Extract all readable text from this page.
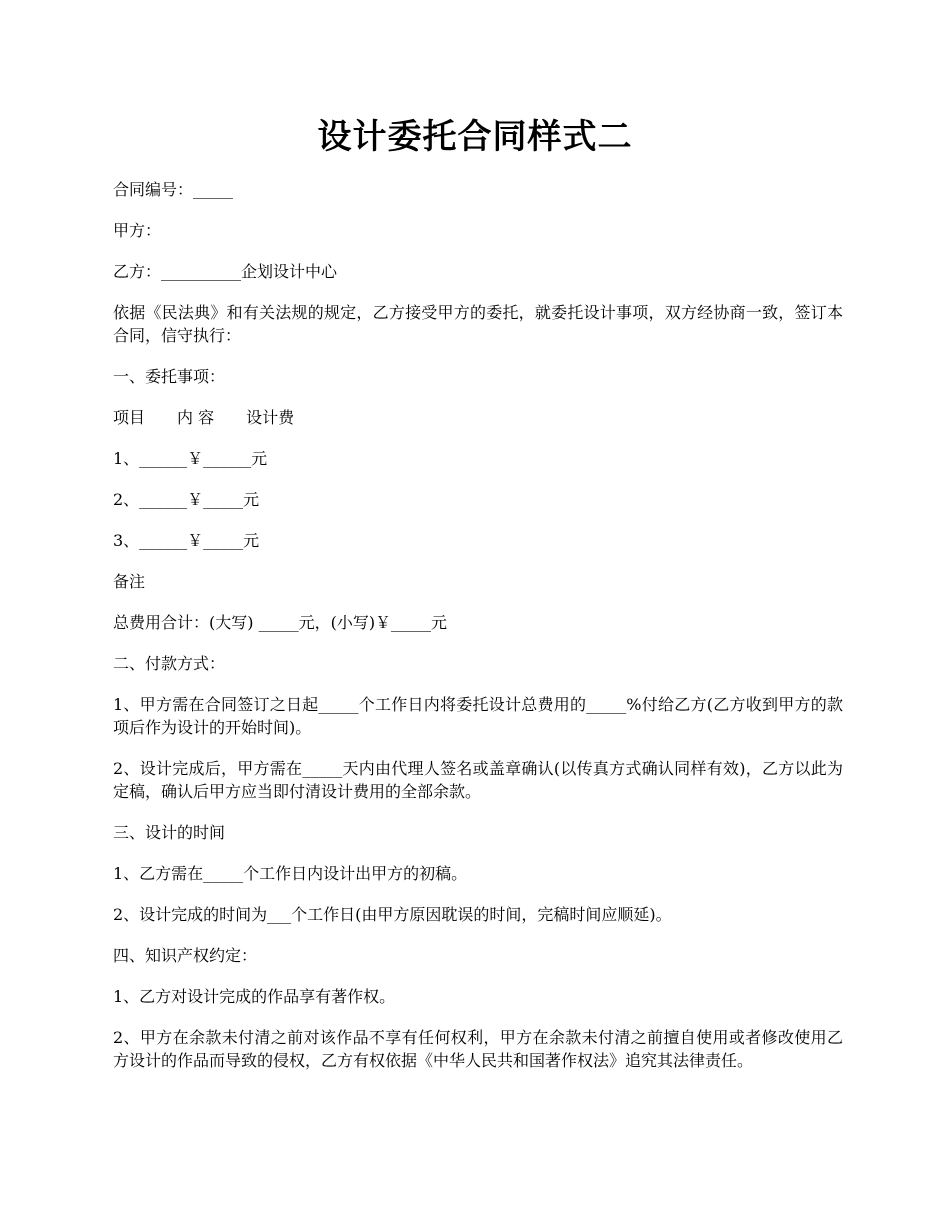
设计委托合同样式二

合同编号：_____

甲方：

乙方：__________企划设计中心

依据《民法典》和有关法规的规定，乙方接受甲方的委托，就委托设计事项，双方经协商一致，签订本合同，信守执行：

一、委托事项：

项目　　内 容　　设计费

1、______￥______元

2、______￥_____元

3、______￥_____元

备注

总费用合计：(大写) _____元，(小写)￥_____元

二、付款方式：

1、甲方需在合同签订之日起_____个工作日内将委托设计总费用的_____%付给乙方(乙方收到甲方的款项后作为设计的开始时间)。

2、设计完成后，甲方需在_____天内由代理人签名或盖章确认(以传真方式确认同样有效)，乙方以此为定稿，确认后甲方应当即付清设计费用的全部余款。

三、设计的时间

1、乙方需在_____个工作日内设计出甲方的初稿。

2、设计完成的时间为___个工作日(由甲方原因耽误的时间，完稿时间应顺延)。

四、知识产权约定：

1、乙方对设计完成的作品享有著作权。

2、甲方在余款未付清之前对该作品不享有任何权利，甲方在余款未付清之前擅自使用或者修改使用乙方设计的作品而导致的侵权，乙方有权依据《中华人民共和国著作权法》追究其法律责任。
